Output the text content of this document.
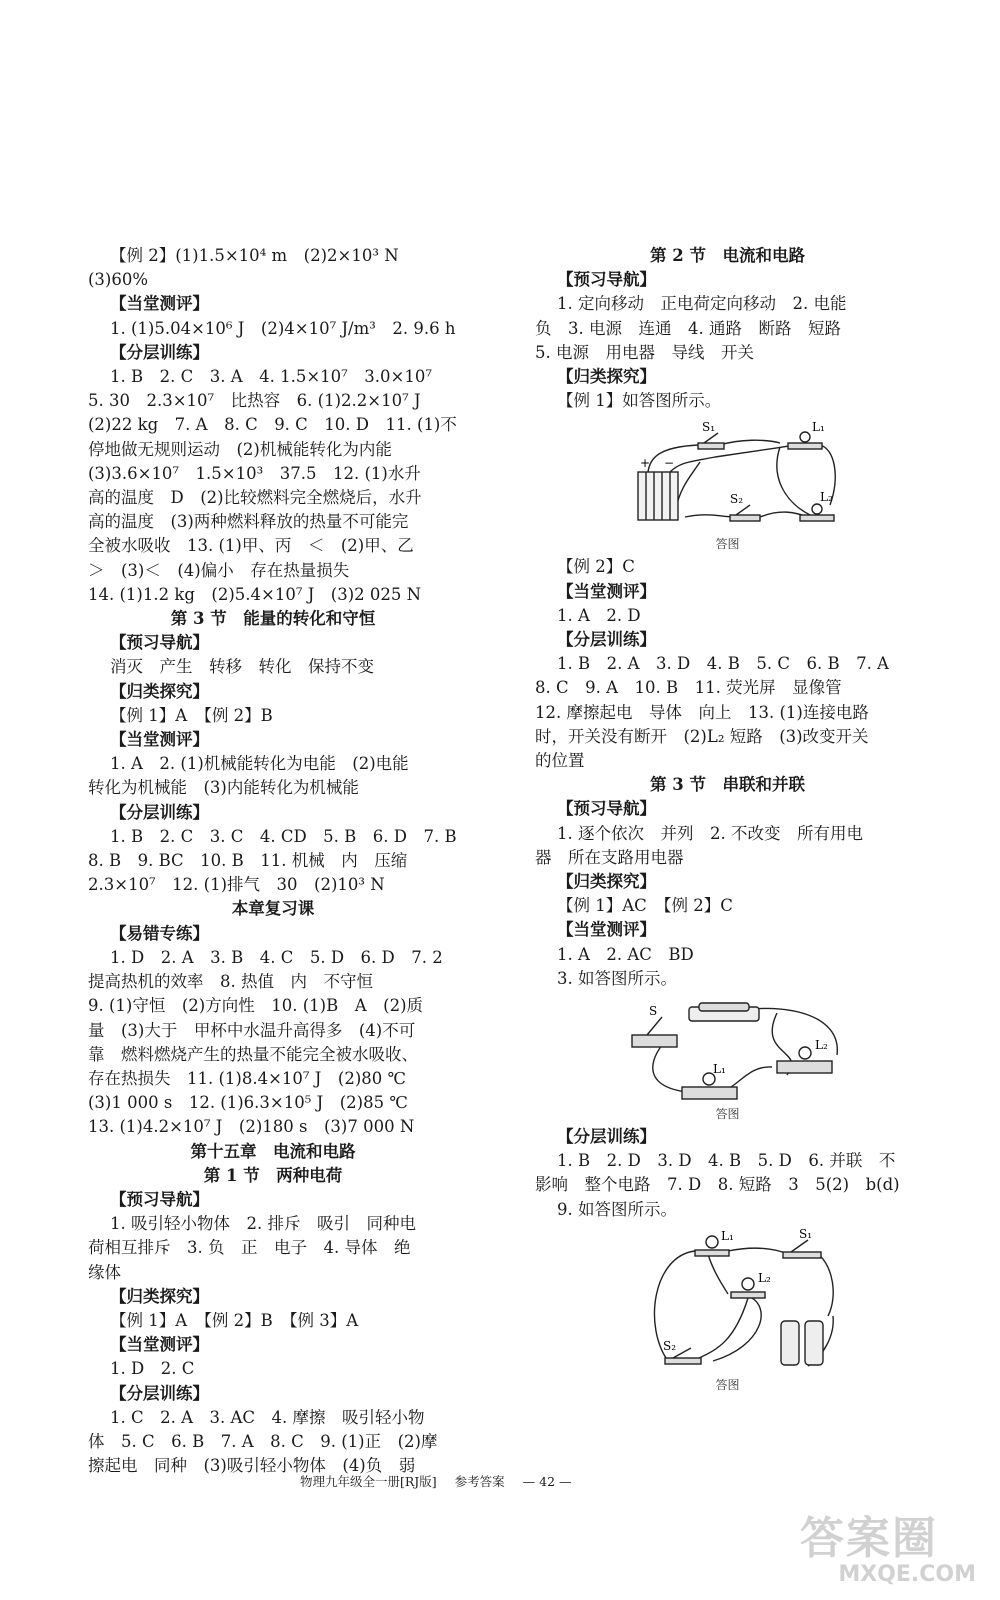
【例 2】(1)1.5×10⁴ m　(2)2×10³ N
(3)60%
【当堂测评】
1. (1)5.04×10⁶ J　(2)4×10⁷ J/m³　2. 9.6 h
【分层训练】
1. B　2. C　3. A　4. 1.5×10⁷　3.0×10⁷
5. 30　2.3×10⁷　比热容　6. (1)2.2×10⁷ J
(2)22 kg　7. A　8. C　9. C　10. D　11. (1)不
停地做无规则运动　(2)机械能转化为内能
(3)3.6×10⁷　1.5×10³　37.5　12. (1)水升
高的温度　D　(2)比较燃料完全燃烧后，水升
高的温度　(3)两种燃料释放的热量不可能完
全被水吸收　13. (1)甲、丙　＜　(2)甲、乙
＞　(3)＜　(4)偏小　存在热量损失
14. (1)1.2 kg　(2)5.4×10⁷ J　(3)2 025 N
第 3 节　能量的转化和守恒
【预习导航】
消灭　产生　转移　转化　保持不变
【归类探究】
【例 1】A　【例 2】B
【当堂测评】
1. A　2. (1)机械能转化为电能　(2)电能
转化为机械能　(3)内能转化为机械能
【分层训练】
1. B　2. C　3. C　4. CD　5. B　6. D　7. B
8. B　9. BC　10. B　11. 机械　内　压缩
2.3×10⁷　12. (1)排气　30　(2)10³ N
本章复习课
【易错专练】
1. D　2. A　3. B　4. C　5. D　6. D　7. 2
提高热机的效率　8. 热值　内　不守恒
9. (1)守恒　(2)方向性　10. (1)B　A　(2)质
量　(3)大于　甲杯中水温升高得多　(4)不可
靠　燃料燃烧产生的热量不能完全被水吸收、
存在热损失　11. (1)8.4×10⁷ J　(2)80 ℃
(3)1 000 s　12. (1)6.3×10⁵ J　(2)85 ℃
13. (1)4.2×10⁷ J　(2)180 s　(3)7 000 N
第十五章　电流和电路
第 1 节　两种电荷
【预习导航】
1. 吸引轻小物体　2. 排斥　吸引　同种电
荷相互排斥　3. 负　正　电子　4. 导体　绝
缘体
【归类探究】
【例 1】A　【例 2】B　【例 3】A
【当堂测评】
1. D　2. C
【分层训练】
1. C　2. A　3. AC　4. 摩擦　吸引轻小物
体　5. C　6. B　7. A　8. C　9. (1)正　(2)摩
擦起电　同种　(3)吸引轻小物体　(4)负　弱
第 2 节　电流和电路
【预习导航】
1. 定向移动　正电荷定向移动　2. 电能
负　3. 电源　连通　4. 通路　断路　短路
5. 电源　用电器　导线　开关
【归类探究】
【例 1】如答图所示。
S₁	L₁
S₂	L₂
+ −
答图
【例 2】C
【当堂测评】
1. A　2. D
【分层训练】
1. B　2. A　3. D　4. B　5. C　6. B　7. A
8. C　9. A　10. B　11. 荧光屏　显像管
12. 摩擦起电　导体　向上　13. (1)连接电路
时，开关没有断开　(2)L₂ 短路　(3)改变开关
的位置
第 3 节　串联和并联
【预习导航】
1. 逐个依次　并列　2. 不改变　所有用电
器　所在支路用电器
【归类探究】
【例 1】AC　【例 2】C
【当堂测评】
1. A　2. AC　BD
3. 如答图所示。
S
L₂
L₁
答图
【分层训练】
1. B　2. D　3. D　4. B　5. D　6. 并联　不
影响　整个电路　7. D　8. 短路　3　5(2)　b(d)
9. 如答图所示。
L₁	S₁
L₂
S₂
答图
物理九年级全一册[RJ版] 参考答案 — 42 —
答案圈
MXQE.COM
